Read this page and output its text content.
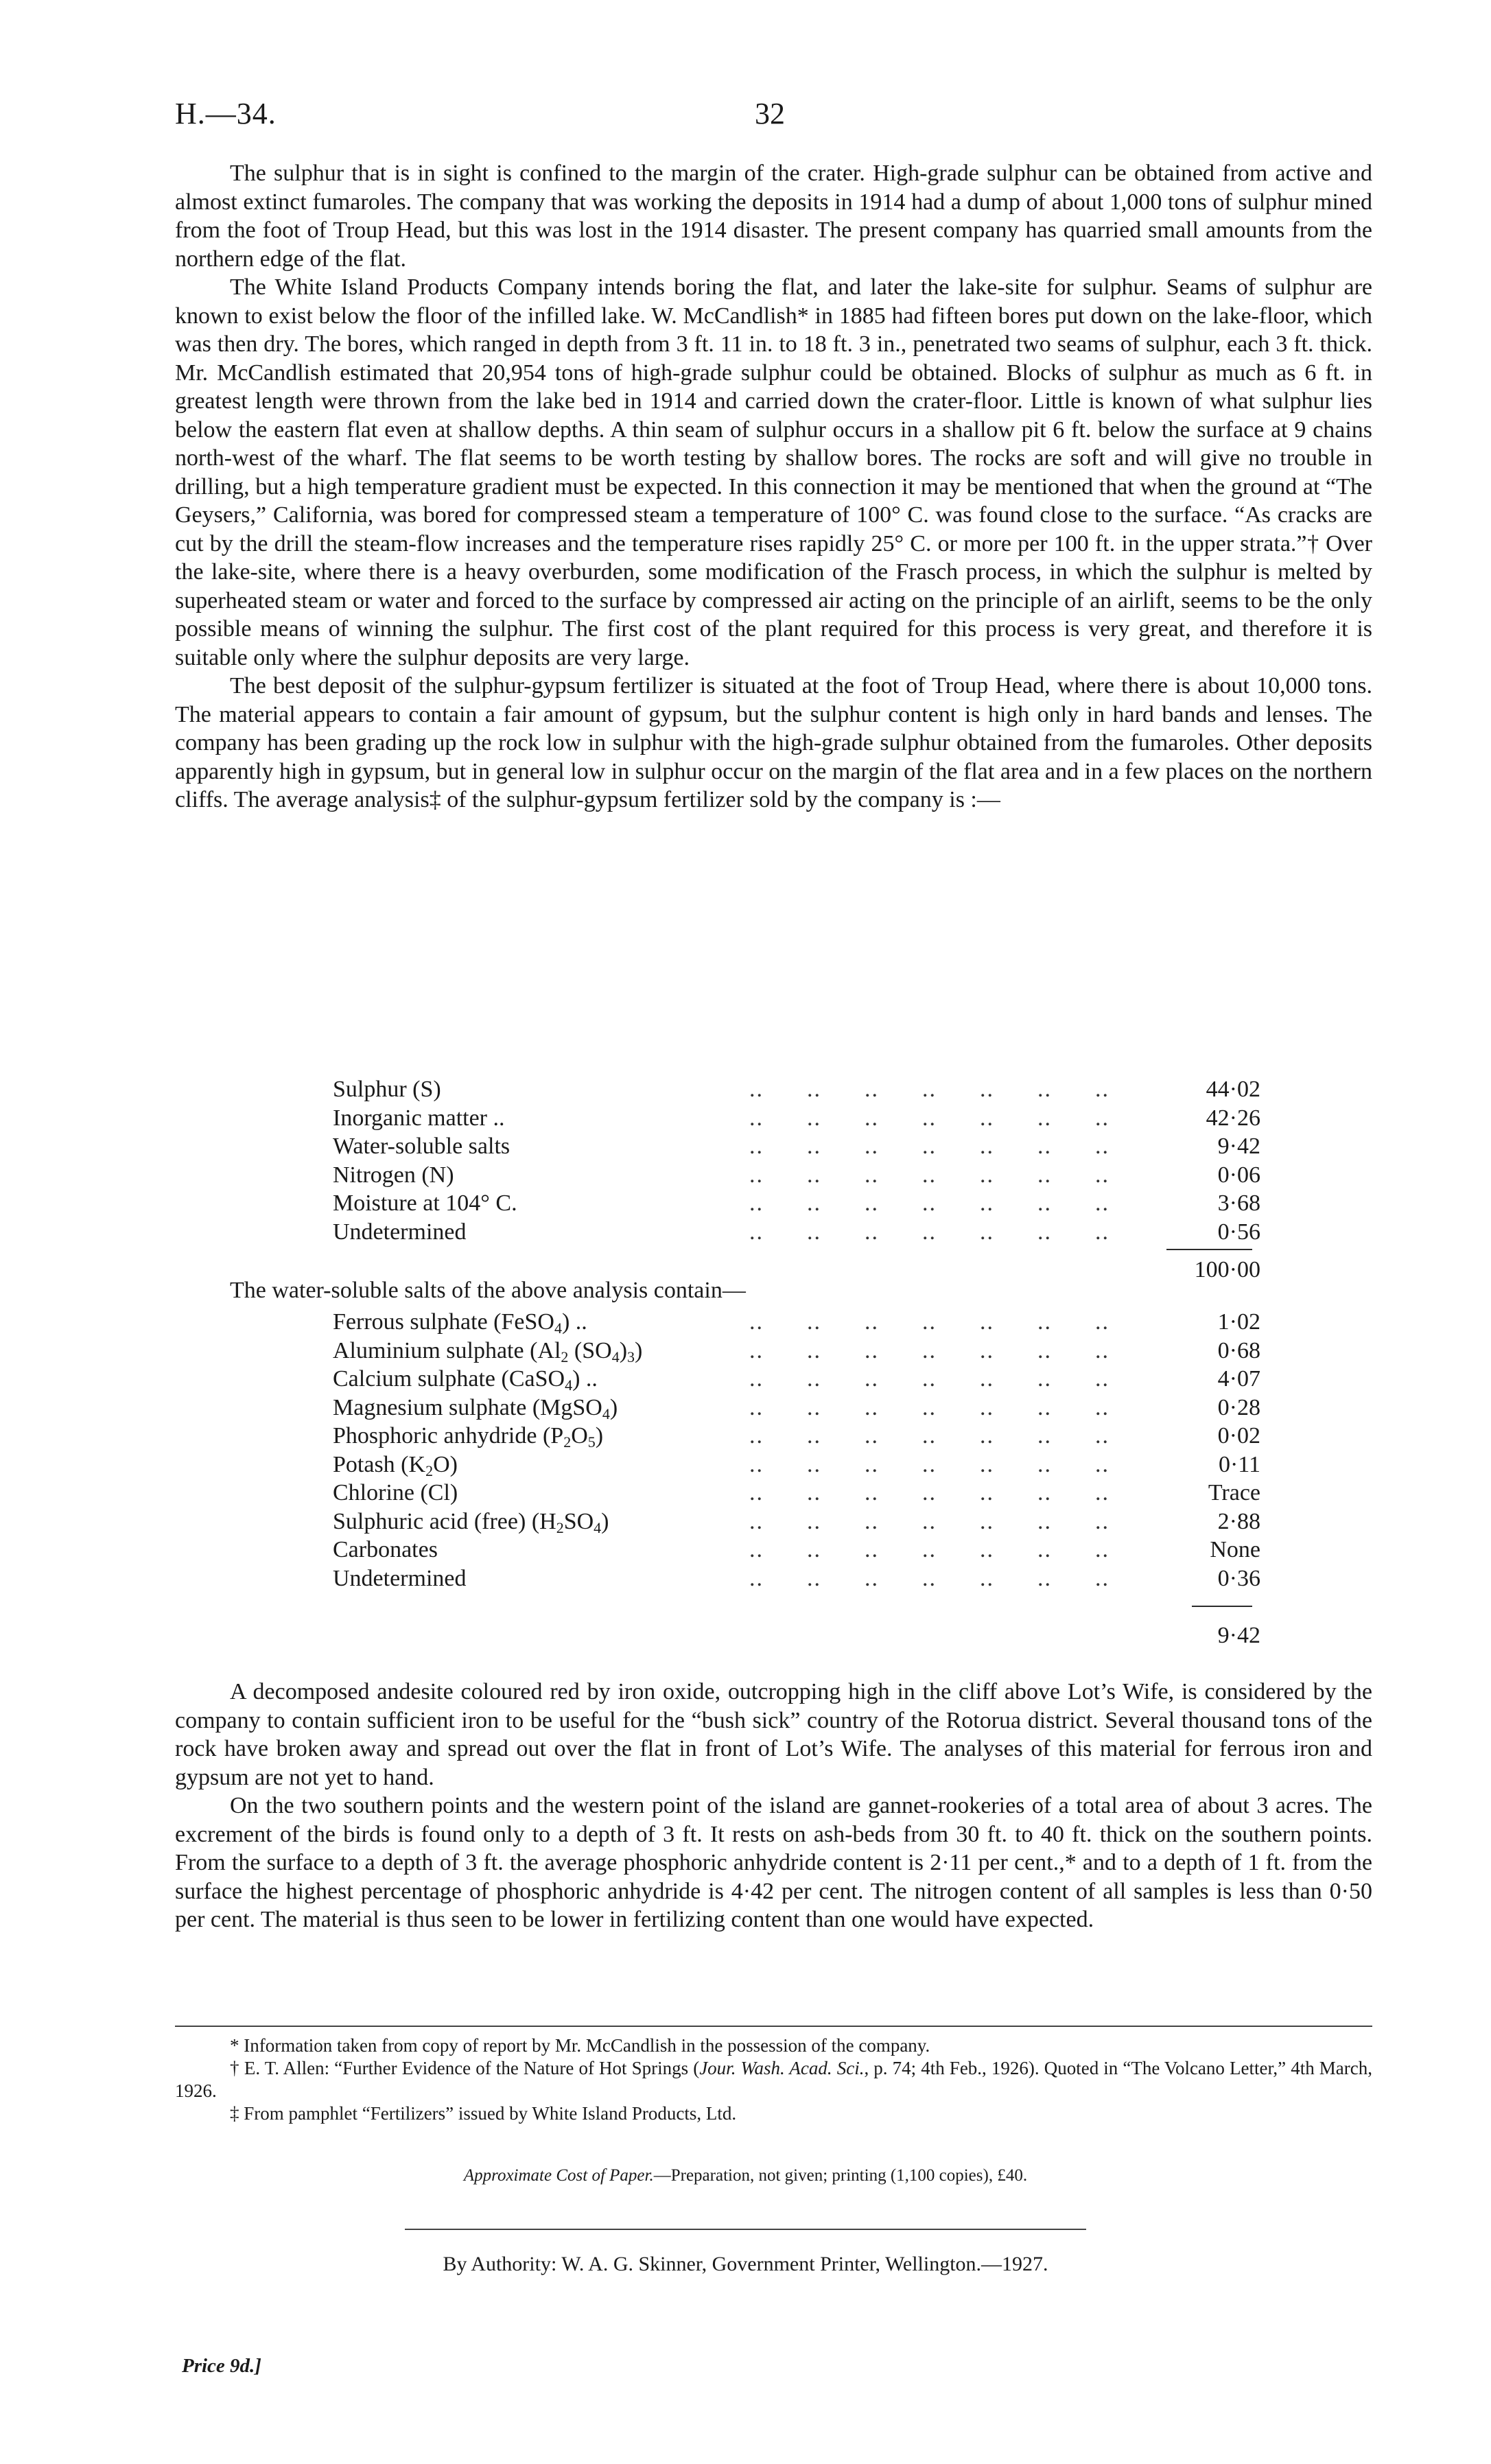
H.—34.	32

The sulphur that is in sight is confined to the margin of the crater. High-grade sulphur can be obtained from active and almost extinct fumaroles. The company that was working the deposits in 1914 had a dump of about 1,000 tons of sulphur mined from the foot of Troup Head, but this was lost in the 1914 disaster. The present company has quarried small amounts from the northern edge of the flat.

The White Island Products Company intends boring the flat, and later the lake-site for sulphur. Seams of sulphur are known to exist below the floor of the infilled lake. W. McCandlish* in 1885 had fifteen bores put down on the lake-floor, which was then dry. The bores, which ranged in depth from 3 ft. 11 in. to 18 ft. 3 in., penetrated two seams of sulphur, each 3 ft. thick. Mr. McCandlish estimated that 20,954 tons of high-grade sulphur could be obtained. Blocks of sulphur as much as 6 ft. in greatest length were thrown from the lake bed in 1914 and carried down the crater-floor. Little is known of what sulphur lies below the eastern flat even at shallow depths. A thin seam of sulphur occurs in a shallow pit 6 ft. below the surface at 9 chains north-west of the wharf. The flat seems to be worth testing by shallow bores. The rocks are soft and will give no trouble in drilling, but a high temperature gradient must be expected. In this connection it may be mentioned that when the ground at “The Geysers,” California, was bored for compressed steam a temperature of 100° C. was found close to the surface. “As cracks are cut by the drill the steam-flow increases and the temperature rises rapidly 25° C. or more per 100 ft. in the upper strata.”† Over the lake-site, where there is a heavy overburden, some modification of the Frasch process, in which the sulphur is melted by superheated steam or water and forced to the surface by compressed air acting on the principle of an airlift, seems to be the only possible means of winning the sulphur. The first cost of the plant required for this process is very great, and therefore it is suitable only where the sulphur deposits are very large.

The best deposit of the sulphur-gypsum fertilizer is situated at the foot of Troup Head, where there is about 10,000 tons. The material appears to contain a fair amount of gypsum, but the sulphur content is high only in hard bands and lenses. The company has been grading up the rock low in sulphur with the high-grade sulphur obtained from the fumaroles. Other deposits apparently high in gypsum, but in general low in sulphur occur on the margin of the flat area and in a few places on the northern cliffs. The average analysis‡ of the sulphur-gypsum fertilizer sold by the company is :—

Sulphur (S)	..      ..      ..      ..      ..      ..      ..	44·02
Inorganic matter ..	..      ..      ..      ..      ..      ..      ..	42·26
Water-soluble salts	..      ..      ..      ..      ..      ..      ..	9·42
Nitrogen (N)	..      ..      ..      ..      ..      ..      ..	0·06
Moisture at 104° C.	..      ..      ..      ..      ..      ..      ..	3·68
Undetermined	..      ..      ..      ..      ..      ..      ..	0·56
100·00
The water-soluble salts of the above analysis contain—
Ferrous sulphate (FeSO$_4$) ..	..      ..      ..      ..      ..      ..      ..	1·02
Aluminium sulphate ($Al_2$ $(SO_4)_3$)	..      ..      ..      ..      ..      ..      ..	0·68
Calcium sulphate (CaSO$_4$) ..	..      ..      ..      ..      ..      ..      ..	4·07
Magnesium sulphate (MgSO$_4$)	..      ..      ..      ..      ..      ..      ..	0·28
Phosphoric anhydride $(P_2O_5)$	..      ..      ..      ..      ..      ..      ..	0·02
Potash $(K_2O)$	..      ..      ..      ..      ..      ..      ..	0·11
Chlorine (Cl)	..      ..      ..      ..      ..      ..      ..	Trace
Sulphuric acid (free) $(H_2SO_4)$	..      ..      ..      ..      ..      ..      ..	2·88
Carbonates	..      ..      ..      ..      ..      ..      ..	None
Undetermined	..      ..      ..      ..      ..      ..      ..	0·36
9·42

A decomposed andesite coloured red by iron oxide, outcropping high in the cliff above Lot’s Wife, is considered by the company to contain sufficient iron to be useful for the “bush sick” country of the Rotorua district. Several thousand tons of the rock have broken away and spread out over the flat in front of Lot’s Wife. The analyses of this material for ferrous iron and gypsum are not yet to hand.

On the two southern points and the western point of the island are gannet-rookeries of a total area of about 3 acres. The excrement of the birds is found only to a depth of 3 ft. It rests on ash-beds from 30 ft. to 40 ft. thick on the southern points. From the surface to a depth of 3 ft. the average phosphoric anhydride content is 2·11 per cent.,* and to a depth of 1 ft. from the surface the highest percentage of phosphoric anhydride is 4·42 per cent. The nitrogen content of all samples is less than 0·50 per cent. The material is thus seen to be lower in fertilizing content than one would have expected.

* Information taken from copy of report by Mr. McCandlish in the possession of the company.

† E. T. Allen: “Further Evidence of the Nature of Hot Springs (Jour. Wash. Acad. Sci., p. 74; 4th Feb., 1926). Quoted in “The Volcano Letter,” 4th March, 1926.

‡ From pamphlet “Fertilizers” issued by White Island Products, Ltd.

Approximate Cost of Paper.—Preparation, not given; printing (1,100 copies), £40.
By Authority: W. A. G. Skinner, Government Printer, Wellington.—1927.
Price 9d.]
